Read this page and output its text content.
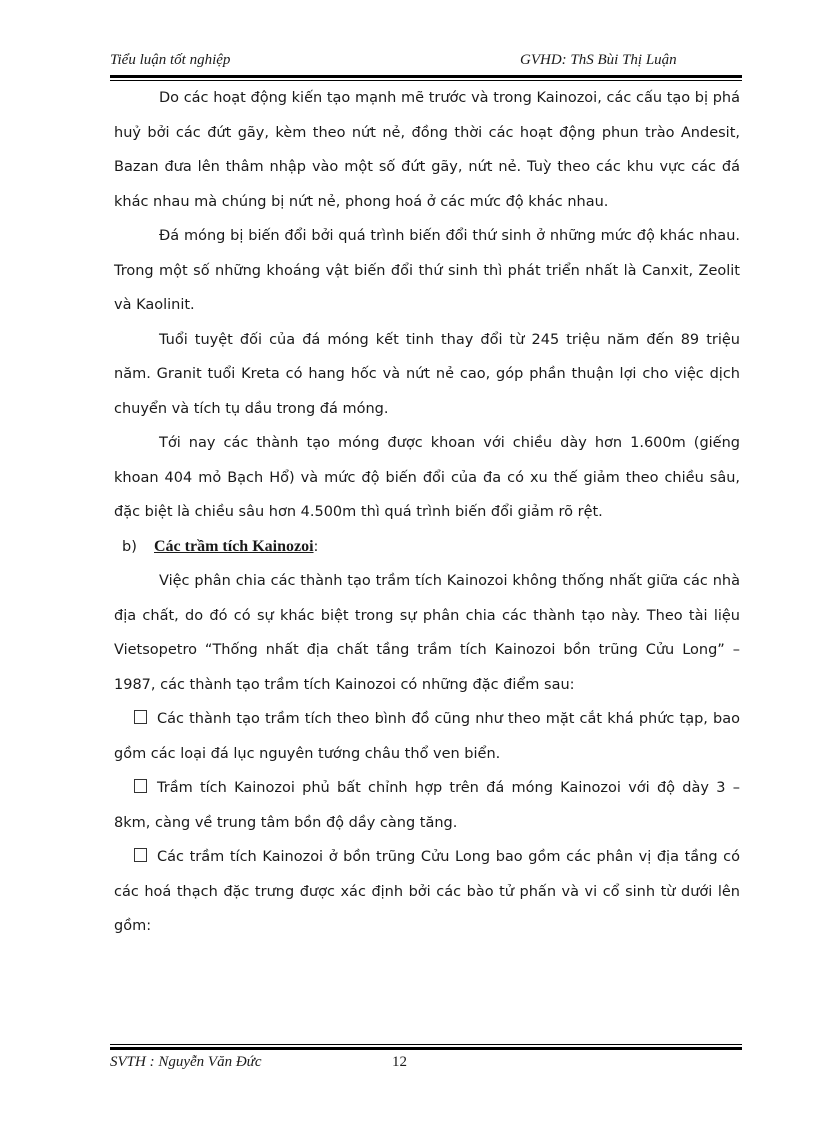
Tiểu luận tốt nghiệp	GVHD: ThS Bùi Thị Luận

Do các hoạt động kiến tạo mạnh mẽ trước và trong Kainozoi, các cấu tạo bị phá huỷ bởi các đứt gãy, kèm theo nứt nẻ, đồng thời các hoạt động phun trào Andesit, Bazan đưa lên thâm nhập vào một số đứt gãy, nứt nẻ. Tuỳ theo các khu vực các đá khác nhau mà chúng bị nứt nẻ, phong hoá ở các mức độ khác nhau.

Đá móng bị biến đổi bởi quá trình biến đổi thứ sinh ở những mức độ khác nhau. Trong một số những khoáng vật biến đổi thứ sinh thì phát triển nhất là Canxit, Zeolit và Kaolinit.

Tuổi tuyệt đối của đá móng kết tinh thay đổi từ 245 triệu năm đến 89 triệu năm. Granit tuổi Kreta có hang hốc và nứt nẻ cao, góp phần thuận lợi cho việc dịch chuyển và tích tụ dầu trong đá móng.

Tới nay các thành tạo móng được khoan với chiều dày hơn 1.600m (giếng khoan 404 mỏ Bạch Hổ) và mức độ biến đổi của đa có xu thế giảm theo chiều sâu, đặc biệt là chiều sâu hơn 4.500m thì quá trình biến đổi giảm rõ rệt.

b) Các trầm tích Kainozoi:

Việc phân chia các thành tạo trầm tích Kainozoi không thống nhất giữa các nhà địa chất, do đó có sự khác biệt trong sự phân chia các thành tạo này. Theo tài liệu Vietsopetro “Thống nhất địa chất tầng trầm tích Kainozoi bồn trũng Cửu Long” – 1987, các thành tạo trầm tích Kainozoi có những đặc điểm sau:

Các thành tạo trầm tích theo bình đồ cũng như theo mặt cắt khá phức tạp, bao gồm các loại đá lục nguyên tướng châu thổ ven biển.

Trầm tích Kainozoi phủ bất chỉnh hợp trên đá móng Kainozoi với độ dày 3 – 8km, càng về trung tâm bồn độ dầy càng tăng.

Các trầm tích Kainozoi ở bồn trũng Cửu Long bao gồm các phân vị địa tầng có các hoá thạch đặc trưng được xác định bởi các bào tử phấn và vi cổ sinh từ dưới lên gồm:

SVTH : Nguyễn Văn Đức	12
